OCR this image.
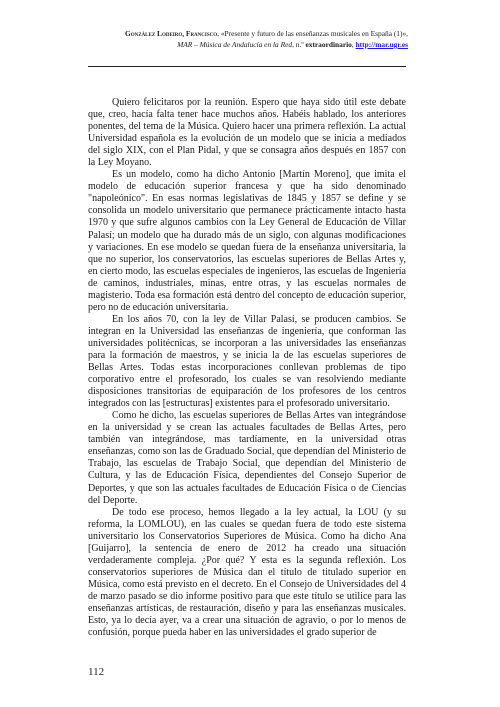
González Lodeiro, Francisco, «Presente y futuro de las enseñanzas musicales en España (1)»,
MAR – Música de Andalucía en la Red, n.º extraordinario, http://mar.ugr.es

Quiero felicitaros por la reunión. Espero que haya sido útil este debate que, creo, hacía falta tener hace muchos años. Habéis hablado, los anteriores ponentes, del tema de la Música. Quiero hacer una primera reflexión. La actual Universidad española es la evolución de un modelo que se inicia a mediados del siglo XIX, con el Plan Pidal, y que se consagra años después en 1857 con la Ley Moyano.

Es un modelo, como ha dicho Antonio [Martín Moreno], que imita el modelo de educación superior francesa y que ha sido denominado "napoleónico". En esas normas legislativas de 1845 y 1857 se define y se consolida un modelo universitario que permanece prácticamente intacto hasta 1970 y que sufre algunos cambios con la Ley General de Educación de Villar Palasí; un modelo que ha durado más de un siglo, con algunas modificaciones y variaciones. En ese modelo se quedan fuera de la enseñanza universitaria, la que no superior, los conservatorios, las escuelas superiores de Bellas Artes y, en cierto modo, las escuelas especiales de ingenieros, las escuelas de Ingeniería de caminos, industriales, minas, entre otras, y las escuelas normales de magisterio. Toda esa formación está dentro del concepto de educación superior, pero no de educación universitaria.

En los años 70, con la ley de Villar Palasí, se producen cambios. Se integran en la Universidad las enseñanzas de ingeniería, que conforman las universidades politécnicas, se incorporan a las universidades las enseñanzas para la formación de maestros, y se inicia la de las escuelas superiores de Bellas Artes. Todas estas incorporaciones conllevan problemas de tipo corporativo entre el profesorado, los cuales se van resolviendo mediante disposiciones transitorias de equiparación de los profesores de los centros integrados con las [estructuras] existentes para el profesorado universitario.

Como he dicho, las escuelas superiores de Bellas Artes van integrándose en la universidad y se crean las actuales facultades de Bellas Artes, pero también van integrándose, mas tardíamente, en la universidad otras enseñanzas, como son las de Graduado Social, que dependían del Ministerio de Trabajo, las escuelas de Trabajo Social, que dependían del Ministerio de Cultura, y las de Educación Física, dependientes del Consejo Superior de Deportes, y que son las actuales facultades de Educación Física o de Ciencias del Deporte.

De todo ese proceso, hemos llegado a la ley actual, la LOU (y su reforma, la LOMLOU), en las cuales se quedan fuera de todo este sistema universitario los Conservatorios Superiores de Música. Como ha dicho Ana [Guijarro], la sentencia de enero de 2012 ha creado una situación verdaderamente compleja. ¿Por qué? Y esta es la segunda reflexión. Los conservatorios superiores de Música dan el título de titulado superior en Música, como está previsto en el decreto. En el Consejo de Universidades del 4 de marzo pasado se dio informe positivo para que este título se utilice para las enseñanzas artísticas, de restauración, diseño y para las enseñanzas musicales. Esto, ya lo decía ayer, va a crear una situación de agravio, o por lo menos de confusión, porque pueda haber en las universidades el grado superior de

112
